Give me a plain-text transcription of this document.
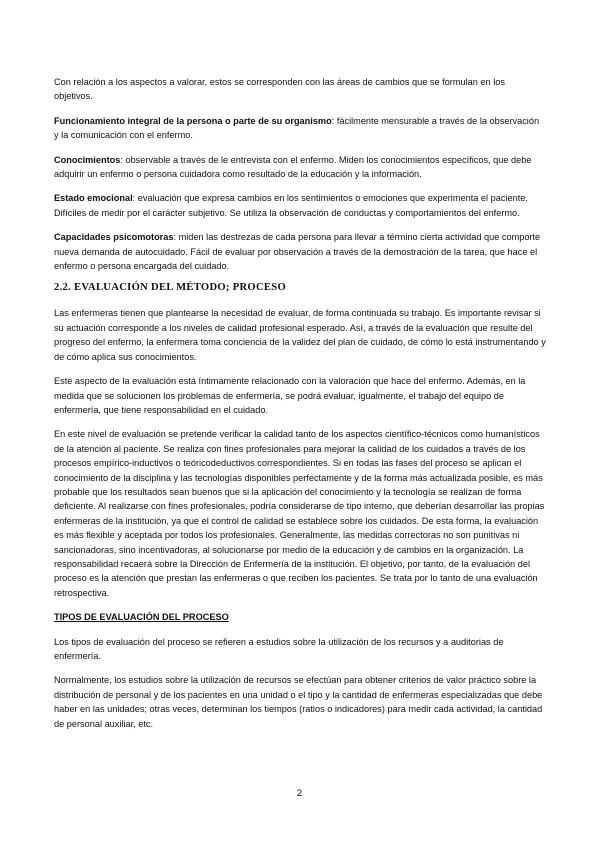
Con relación a los aspectos a valorar, estos se corresponden con las áreas de cambios que se formulan en los objetivos.

Funcionamiento integral de la persona o parte de su organismo: fácilmente mensurable a través de la observación y la comunicación con el enfermo.

Conocimientos: observable a través de le entrevista con el enfermo. Miden los conocimientos específicos, que debe adquirir un enfermo o persona cuidadora como resultado de la educación y la información.

Estado emocional: evaluación que expresa cambios en los sentimientos o emociones que experimenta el paciente. Difíciles de medir por el carácter subjetivo. Se utiliza la observación de conductas y comportamientos del enfermo.

Capacidades psicomotoras: miden las destrezas de cada persona para llevar a término cierta actividad que comporte nueva demanda de autocuidado. Fácil de evaluar por observación a través de la demostración de la tarea, que hace el enfermo o persona encargada del cuidado.

2.2. EVALUACIÓN DEL MÉTODO; PROCESO

Las enfermeras tienen que plantearse la necesidad de evaluar, de forma continuada su trabajo. Es importante revisar si su actuación corresponde a los niveles de calidad profesional esperado. Así, a través de la evaluación que resulte del progreso del enfermo, la enfermera toma conciencia de la validez del plan de cuidado, de cómo lo está instrumentando y de cómo aplica sus conocimientos.

Este aspecto de la evaluación está íntimamente relacionado con la valoración que hace del enfermo. Además, en la medida que se solucionen los problemas de enfermería, se podrá evaluar, igualmente, el trabajo del equipo de enfermería, que tiene responsabilidad en el cuidado.

En este nivel de evaluación se pretende verificar la calidad tanto de los aspectos científico-técnicos como humanísticos de la atención al paciente. Se realiza con fines profesionales para mejorar la calidad de los cuidados a través de los procesos empírico-inductivos o teóricodeductivos correspondientes. Si en todas las fases del proceso se aplican el conocimiento de la disciplina y las tecnologías disponibles perfectamente y de la forma más actualizada posible, es más probable que los resultados sean buenos que si la aplicación del conocimiento y la tecnología se realizan de forma deficiente. Al realizarse con fines profesionales, podría considerarse de tipo interno, que deberían desarrollar las propias enfermeras de la institución, ya que el control de calidad se establece sobre los cuidados. De esta forma, la evaluación es más flexible y aceptada por todos los profesionales. Generalmente, las medidas correctoras no son punitivas ni sancionadoras, sino incentivadoras, al solucionarse por medio de la educación y de cambios en la organización. La responsabilidad recaerá sobre la Dirección de Enfermería de la institución. El objetivo, por tanto, de la evaluación del proceso es la atención que prestan las enfermeras o que reciben los pacientes. Se trata por lo tanto de una evaluación retrospectiva.

TIPOS DE EVALUACIÓN DEL PROCESO

Los tipos de evaluación del proceso se refieren a estudios sobre la utilización de los recursos y a auditorias de enfermería.

Normalmente, los estudios sobre la utilización de recursos se efectúan para obtener criterios de valor práctico sobre la distribución de personal y de los pacientes en una unidad o el tipo y la cantidad de enfermeras especializadas que debe haber en las unidades; otras veces, determinan los tiempos (ratios o indicadores) para medir cada actividad, la cantidad de personal auxiliar, etc.

2
